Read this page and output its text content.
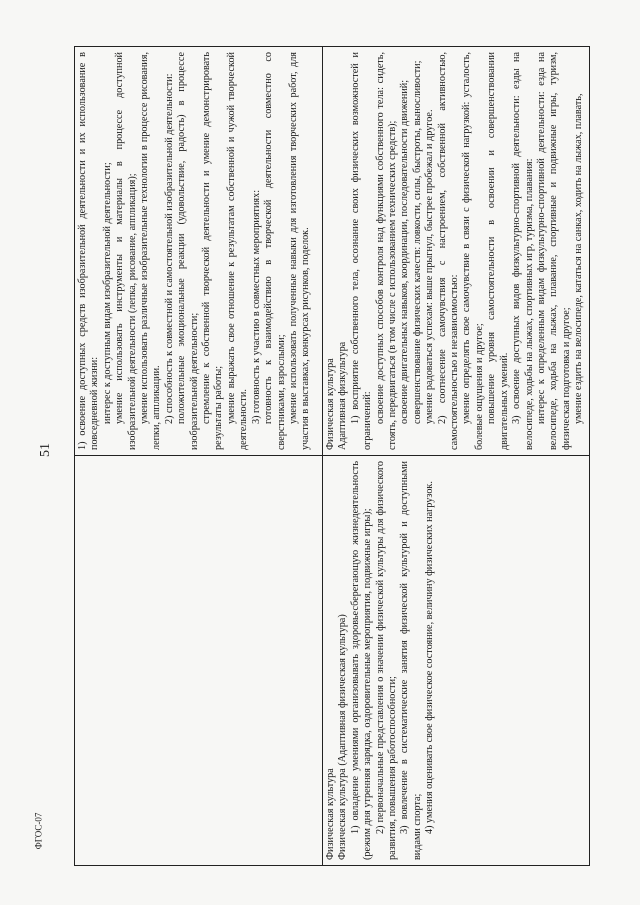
51
ФГОС-07

1) освоение доступных средств изобразительной деятельности и их использование в повседневной жизни: интерес к доступным видам изобразительной деятельности; умение использовать инструменты и материалы в процессе доступной изобразительной деятельности (лепка, рисование, аппликация); умение использовать различные изобразительные технологии в процессе рисования, лепки, аппликации. 2) способность к совместной и самостоятельной изобразительной деятельности: положительные эмоциональные реакции (удовольствие, радость) в процессе изобразительной деятельности; стремление к собственной творческой деятельности и умение демонстрировать результаты работы; умение выражать свое отношение к результатам собственной и чужой творческой деятельности. 3) готовность к участию в совместных мероприятиях: готовность к взаимодействию в творческой деятельности совместно со сверстниками, взрослыми; умение использовать полученные навыки для изготовления творческих работ, для участия в выставках, конкурсах рисунков, поделок.

Физическая культура Физическая культура (Адаптивная физическая культура) 1) овладение умениями организовывать здоровьесберегающую жизнедеятельность (режим дня утренняя зарядка, оздоровительные мероприятия, подвижные игры); 2) первоначальные представления о значении физической культуры для физического развития, повышения работоспособности; 3) вовлечение в систематические занятия физической культурой и доступными видами спорта; 4) умения оценивать свое физическое состояние, величину физических нагрузок.

Физическая культура Адаптивная физкультура 1) восприятие собственного тела, осознание своих физических возможностей и ограничений: освоение доступных способов контроля над функциями собственного тела: сидеть, стоять, передвигаться (в том числе с использованием технических средств); освоение двигательных навыков, координации, последовательности движений; совершенствование физических качеств: ловкости, силы, быстроты, выносливости; умение радоваться успехам: выше прыгнул, быстрее пробежал и другое. 2) соотнесение самочувствия с настроением, собственной активностью, самостоятельностью и независимостью: умение определять свое самочувствие в связи с физической нагрузкой: усталость, болевые ощущения и другое; повышение уровня самостоятельности в освоении и совершенствовании двигательных умений. 3) освоение доступных видов физкультурно-спортивной деятельности: езды на велосипеде, ходьбы на лыжах, спортивных игр, туризма, плавания: интерес к определенным видам физкультурно-спортивной деятельности: езда на велосипеде, ходьба на лыжах, плавание, спортивные и подвижные игры, туризм, физическая подготовка и другое; умение ездить на велосипеде, кататься на санках, ходить на лыжах, плавать,
